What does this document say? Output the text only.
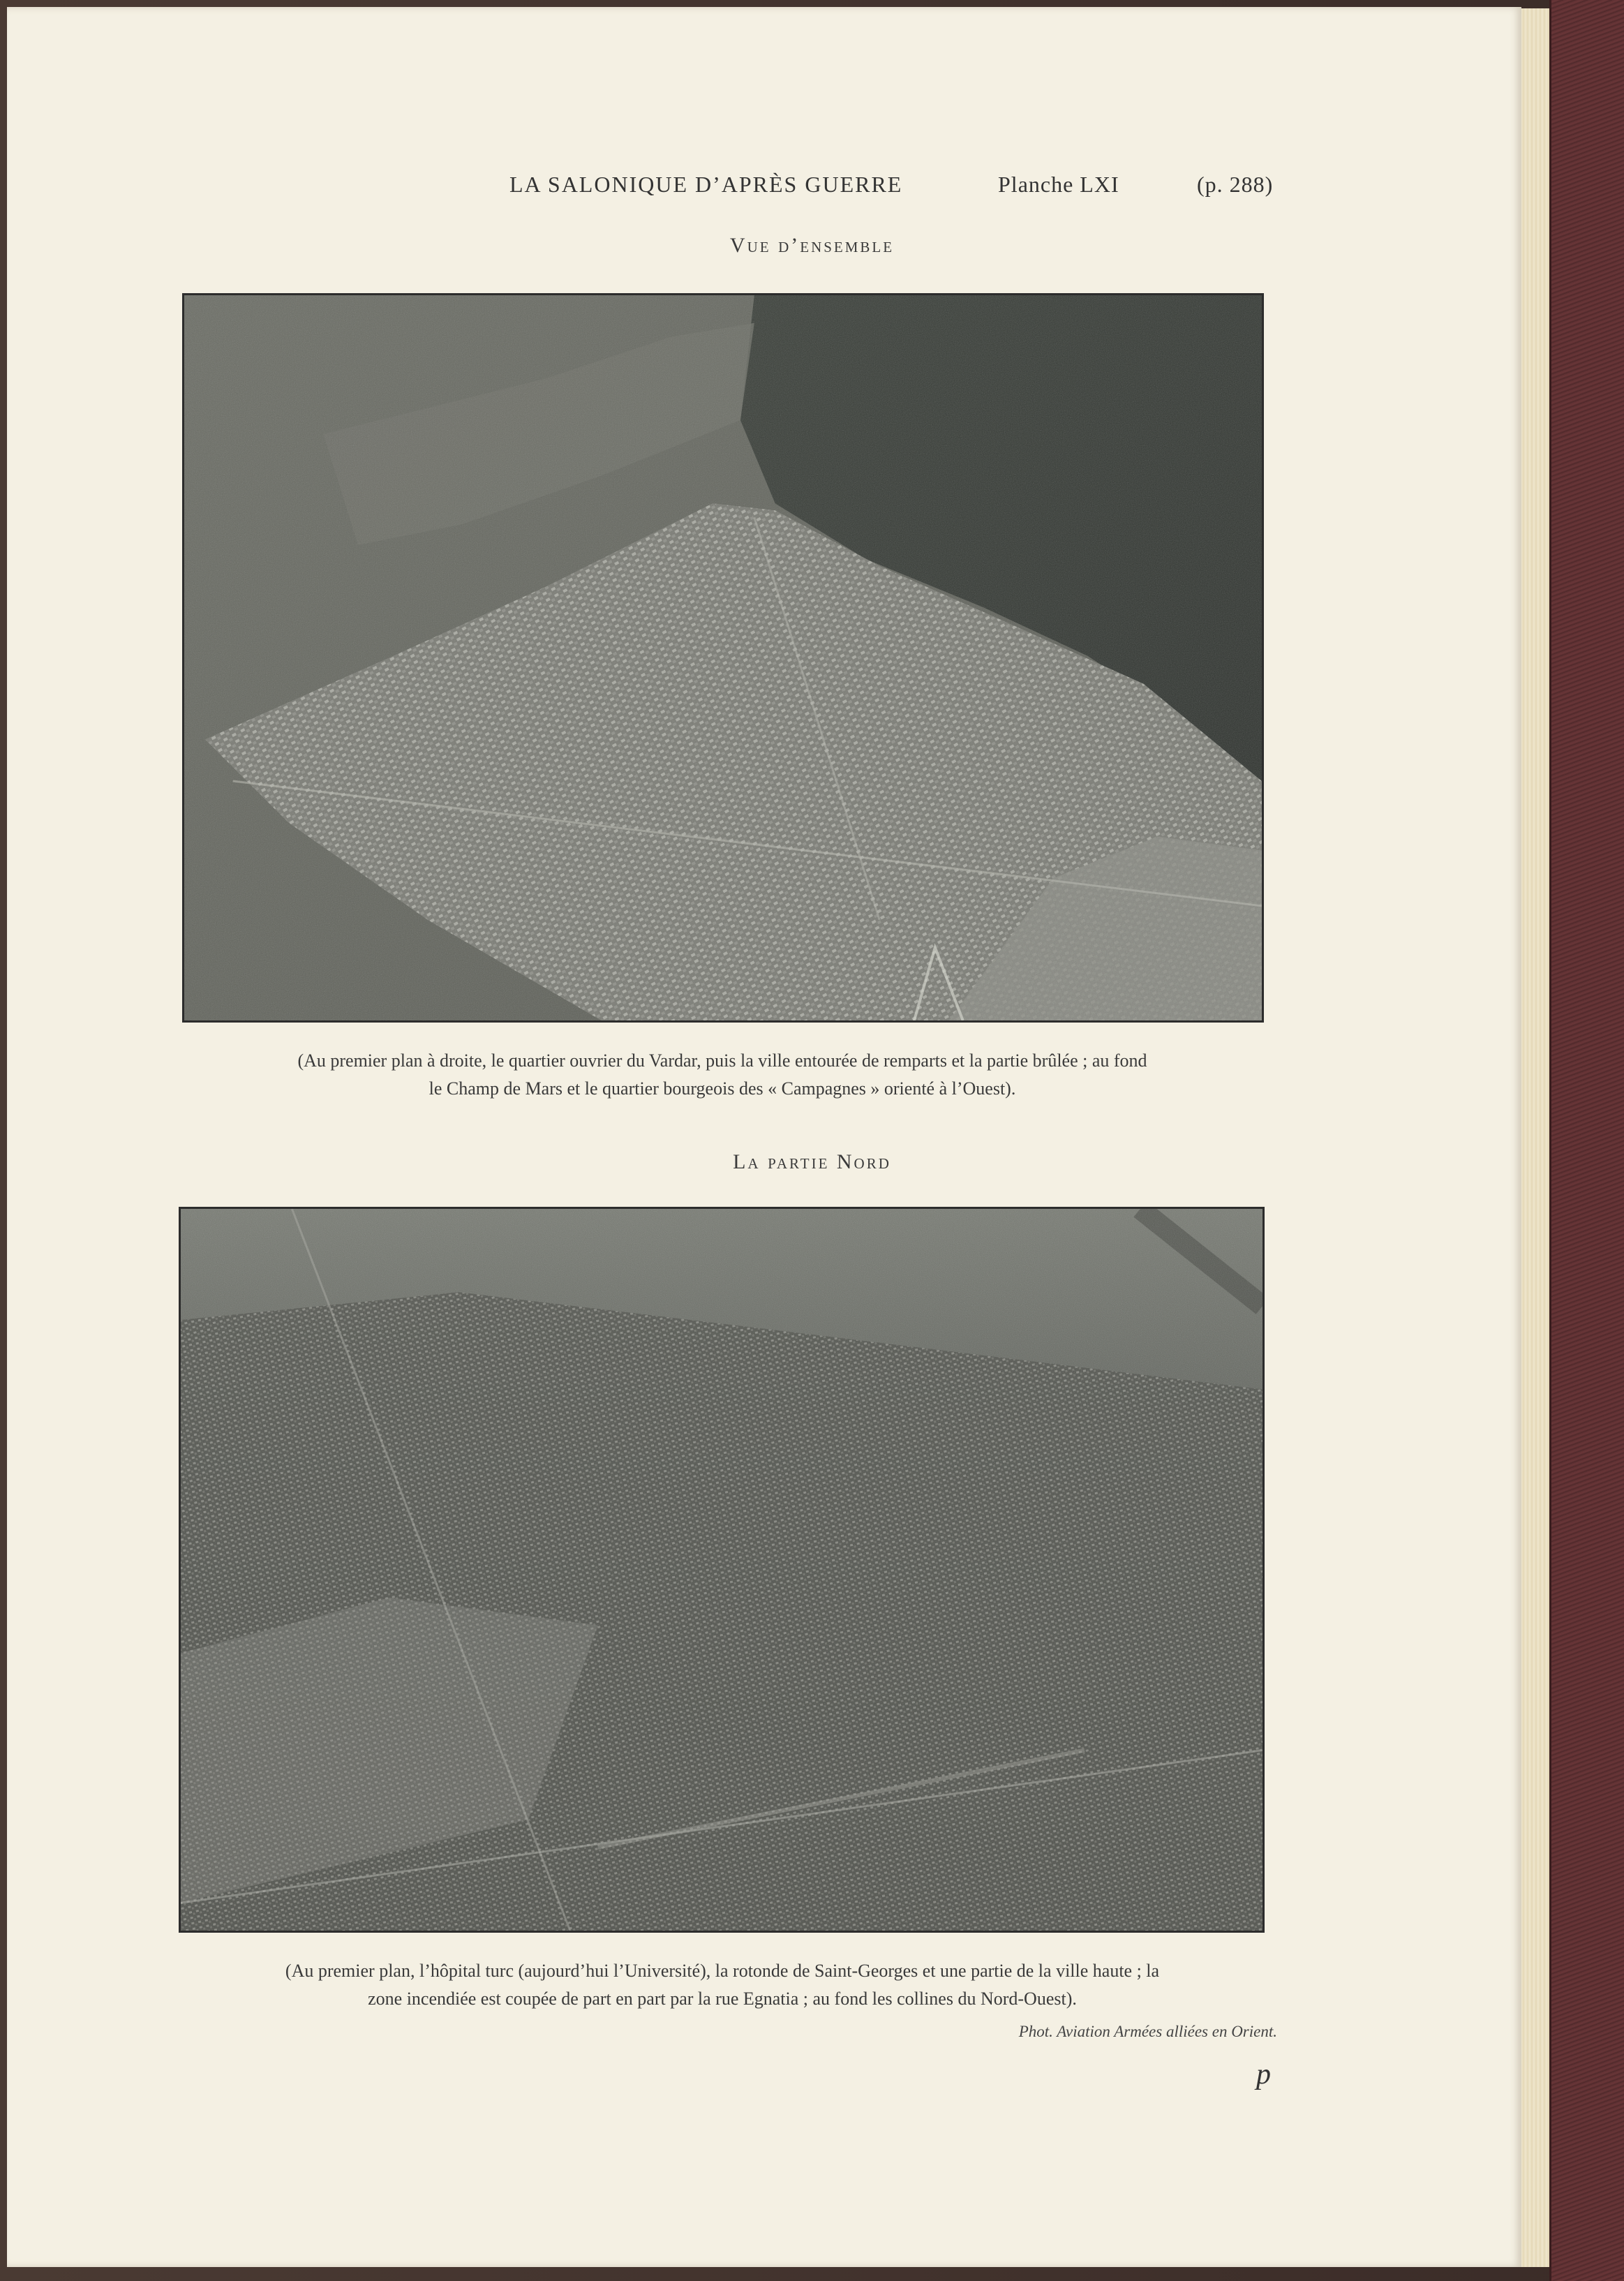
LA SALONIQUE D’APRÈS GUERRE	Planche LXI	(p. 288)
Vue d’ensemble
(Au premier plan à droite, le quartier ouvrier du Vardar, puis la ville entourée de remparts et la partie brûlée ; au fond
le Champ de Mars et le quartier bourgeois des « Campagnes » orienté à l’Ouest).
La partie Nord
(Au premier plan, l’hôpital turc (aujourd’hui l’Université), la rotonde de Saint-Georges et une partie de la ville haute ; la
zone incendiée est coupée de part en part par la rue Egnatia ; au fond les collines du Nord-Ouest).
Phot. Aviation Armées alliées en Orient.
p
